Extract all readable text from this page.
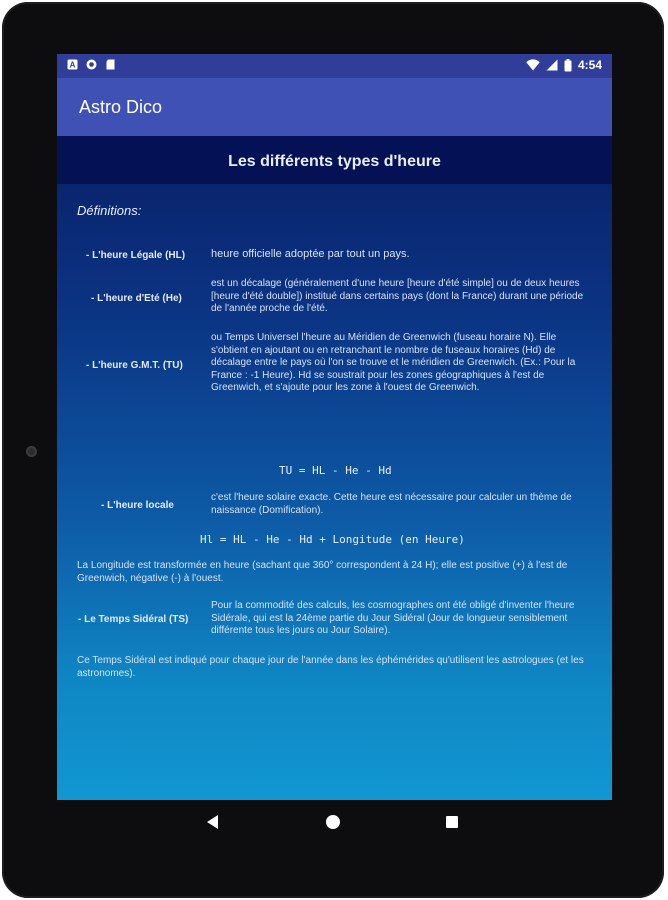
A	4:54
Astro Dico
Les différents types d'heure
Définitions:
- L'heure Légale (HL) heure officielle adoptée par tout un pays.
- L'heure d'Eté (He)
est un décalage (généralement d'une heure [heure d'été simple] ou de deux heures [heure d'été double]) institué dans certains pays (dont la France) durant une période de l'année proche de l'été.
- L'heure G.M.T. (TU)
ou Temps Universel l'heure au Méridien de Greenwich (fuseau horaire N). Elle s'obtient en ajoutant ou en retranchant le nombre de fuseaux horaires (Hd) de décalage entre le pays où l'on se trouve et le méridien de Greenwich. (Ex.: Pour la France : -1 Heure). Hd se soustrait pour les zones géographiques à l'est de Greenwich, et s'ajoute pour les zone à l'ouest de Greenwich.
TU = HL - He - Hd
- L'heure locale
c'est l'heure solaire exacte. Cette heure est nécessaire pour calculer un thème de naissance (Domification).
Hl = HL - He - Hd + Longitude (en Heure)
La Longitude est transformée en heure (sachant que 360° correspondent à 24 H); elle est positive (+) à l'est de Greenwich, négative (-) à l'ouest.
- Le Temps Sidéral (TS)
Pour la commodité des calculs, les cosmographes ont été obligé d'inventer l'heure Sidérale, qui est la 24ème partie du Jour Sidéral (Jour de longueur sensiblement différente tous les jours ou Jour Solaire).
Ce Temps Sidéral est indiqué pour chaque jour de l'année dans les éphémérides qu'utilisent les astrologues (et les astronomes).
